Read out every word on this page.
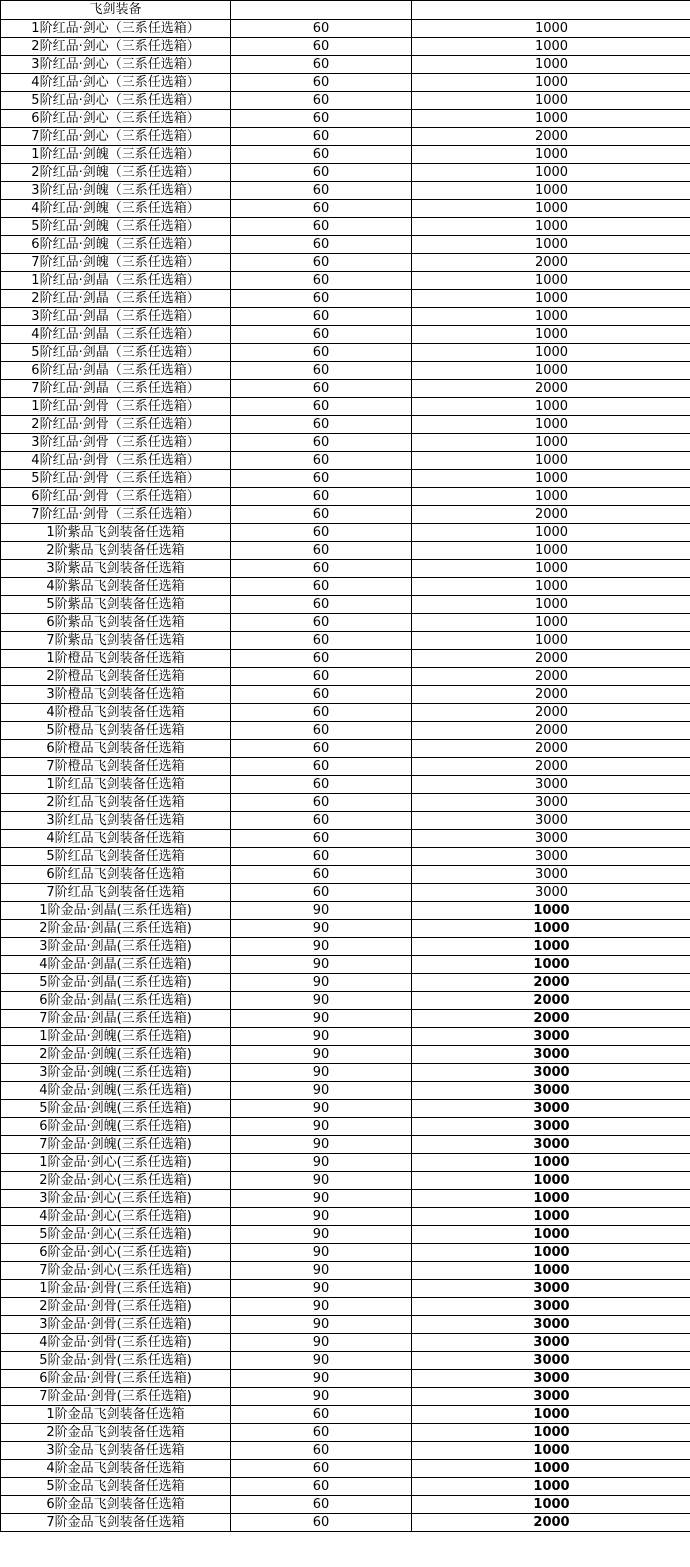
飞剑装备		
1阶红品·剑心（三系任选箱）	60	1000
2阶红品·剑心（三系任选箱）	60	1000
3阶红品·剑心（三系任选箱）	60	1000
4阶红品·剑心（三系任选箱）	60	1000
5阶红品·剑心（三系任选箱）	60	1000
6阶红品·剑心（三系任选箱）	60	1000
7阶红品·剑心（三系任选箱）	60	2000
1阶红品·剑魄（三系任选箱）	60	1000
2阶红品·剑魄（三系任选箱）	60	1000
3阶红品·剑魄（三系任选箱）	60	1000
4阶红品·剑魄（三系任选箱）	60	1000
5阶红品·剑魄（三系任选箱）	60	1000
6阶红品·剑魄（三系任选箱）	60	1000
7阶红品·剑魄（三系任选箱）	60	2000
1阶红品·剑晶（三系任选箱）	60	1000
2阶红品·剑晶（三系任选箱）	60	1000
3阶红品·剑晶（三系任选箱）	60	1000
4阶红品·剑晶（三系任选箱）	60	1000
5阶红品·剑晶（三系任选箱）	60	1000
6阶红品·剑晶（三系任选箱）	60	1000
7阶红品·剑晶（三系任选箱）	60	2000
1阶红品·剑骨（三系任选箱）	60	1000
2阶红品·剑骨（三系任选箱）	60	1000
3阶红品·剑骨（三系任选箱）	60	1000
4阶红品·剑骨（三系任选箱）	60	1000
5阶红品·剑骨（三系任选箱）	60	1000
6阶红品·剑骨（三系任选箱）	60	1000
7阶红品·剑骨（三系任选箱）	60	2000
1阶紫品飞剑装备任选箱	60	1000
2阶紫品飞剑装备任选箱	60	1000
3阶紫品飞剑装备任选箱	60	1000
4阶紫品飞剑装备任选箱	60	1000
5阶紫品飞剑装备任选箱	60	1000
6阶紫品飞剑装备任选箱	60	1000
7阶紫品飞剑装备任选箱	60	1000
1阶橙品飞剑装备任选箱	60	2000
2阶橙品飞剑装备任选箱	60	2000
3阶橙品飞剑装备任选箱	60	2000
4阶橙品飞剑装备任选箱	60	2000
5阶橙品飞剑装备任选箱	60	2000
6阶橙品飞剑装备任选箱	60	2000
7阶橙品飞剑装备任选箱	60	2000
1阶红品飞剑装备任选箱	60	3000
2阶红品飞剑装备任选箱	60	3000
3阶红品飞剑装备任选箱	60	3000
4阶红品飞剑装备任选箱	60	3000
5阶红品飞剑装备任选箱	60	3000
6阶红品飞剑装备任选箱	60	3000
7阶红品飞剑装备任选箱	60	3000
1阶金品·剑晶(三系任选箱)	90	1000
2阶金品·剑晶(三系任选箱)	90	1000
3阶金品·剑晶(三系任选箱)	90	1000
4阶金品·剑晶(三系任选箱)	90	1000
5阶金品·剑晶(三系任选箱)	90	2000
6阶金品·剑晶(三系任选箱)	90	2000
7阶金品·剑晶(三系任选箱)	90	2000
1阶金品·剑魄(三系任选箱)	90	3000
2阶金品·剑魄(三系任选箱)	90	3000
3阶金品·剑魄(三系任选箱)	90	3000
4阶金品·剑魄(三系任选箱)	90	3000
5阶金品·剑魄(三系任选箱)	90	3000
6阶金品·剑魄(三系任选箱)	90	3000
7阶金品·剑魄(三系任选箱)	90	3000
1阶金品·剑心(三系任选箱)	90	1000
2阶金品·剑心(三系任选箱)	90	1000
3阶金品·剑心(三系任选箱)	90	1000
4阶金品·剑心(三系任选箱)	90	1000
5阶金品·剑心(三系任选箱)	90	1000
6阶金品·剑心(三系任选箱)	90	1000
7阶金品·剑心(三系任选箱)	90	1000
1阶金品·剑骨(三系任选箱)	90	3000
2阶金品·剑骨(三系任选箱)	90	3000
3阶金品·剑骨(三系任选箱)	90	3000
4阶金品·剑骨(三系任选箱)	90	3000
5阶金品·剑骨(三系任选箱)	90	3000
6阶金品·剑骨(三系任选箱)	90	3000
7阶金品·剑骨(三系任选箱)	90	3000
1阶金品飞剑装备任选箱	60	1000
2阶金品飞剑装备任选箱	60	1000
3阶金品飞剑装备任选箱	60	1000
4阶金品飞剑装备任选箱	60	1000
5阶金品飞剑装备任选箱	60	1000
6阶金品飞剑装备任选箱	60	1000
7阶金品飞剑装备任选箱	60	2000
